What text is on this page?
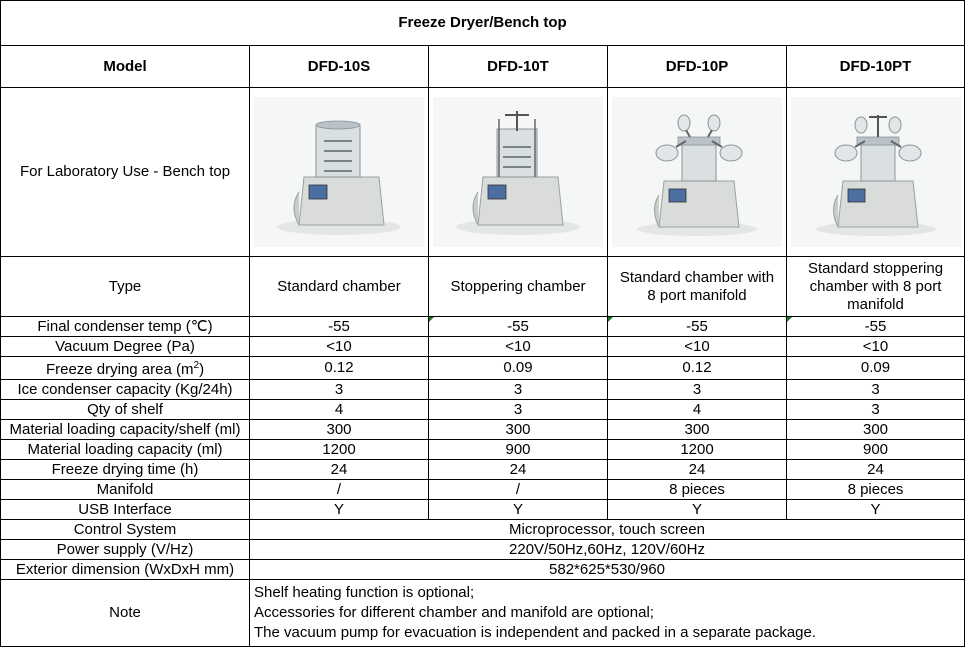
Freeze Dryer/Bench top				
Model	DFD-10S	DFD-10T	DFD-10P	DFD-10PT
For Laboratory Use - Bench top	

Type	Standard chamber	Stoppering chamber	Standard chamber with 8 port manifold	Standard stoppering chamber with 8 port manifold
Final condenser temp (℃)	-55	-55	-55	-55
Vacuum Degree (Pa)	<10	<10	<10	<10
Freeze drying area $(m^2)$	0.12	0.09	0.12	0.09
Ice condenser capacity (Kg/24h)	3	3	3	3
Qty of shelf	4	3	4	3
Material loading capacity/shelf (ml)	300	300	300	300
Material loading capacity (ml)	1200	900	1200	900
Freeze drying time (h)	24	24	24	24
Manifold	/	/	8 pieces	8 pieces
USB Interface	Y	Y	Y	Y
Control System	Microprocessor, touch screen			
Power supply (V/Hz)	220V/50Hz,60Hz, 120V/60Hz			
Exterior dimension (WxDxH mm)	582*625*530/960			
Note	Shelf heating function is optional;
Accessories for different chamber and manifold are optional;
The vacuum pump for evacuation is independent and packed in a separate package.			
